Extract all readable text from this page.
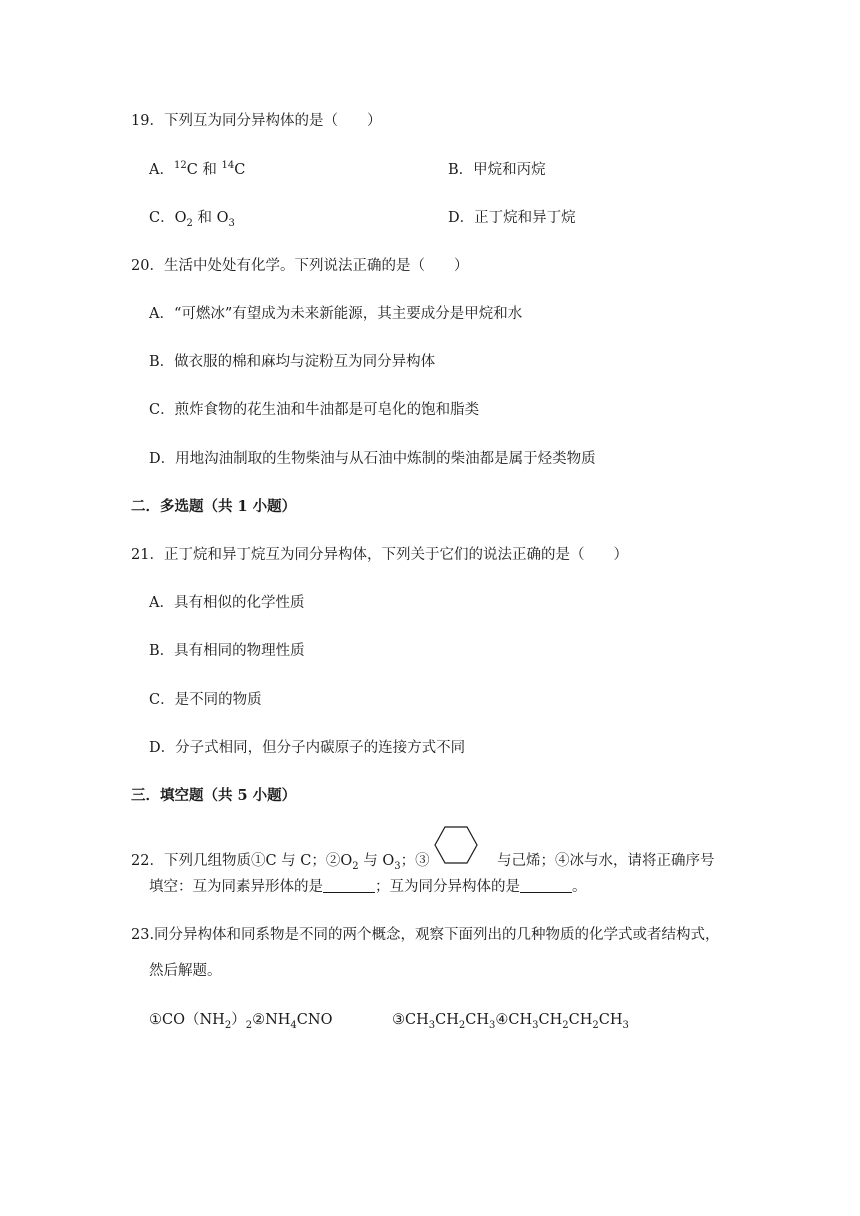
19．下列互为同分异构体的是（　　）
A．$^{12}$C 和 $^{14}$C	B．甲烷和丙烷
C．$O_2$ 和 $O_3$	D．正丁烷和异丁烷
20．生活中处处有化学。下列说法正确的是（　　）
A．“可燃冰”有望成为未来新能源，其主要成分是甲烷和水
B．做衣服的棉和麻均与淀粉互为同分异构体
C．煎炸食物的花生油和牛油都是可皂化的饱和脂类
D．用地沟油制取的生物柴油与从石油中炼制的柴油都是属于烃类物质
二．多选题（共 1 小题）
21．正丁烷和异丁烷互为同分异构体，下列关于它们的说法正确的是（　　）
A．具有相似的化学性质
B．具有相同的物理性质
C．是不同的物质
D．分子式相同，但分子内碳原子的连接方式不同
三．填空题（共 5 小题）
22．下列几组物质①C 与 C；$②O_2$ 与 $O_3$；③	与己烯；④冰与水，请将正确序号
填空：互为同素异形体的是	；互为同分异构体的是	。
23.同分异构体和同系物是不同的两个概念，观察下面列出的几种物质的化学式或者结构式，
然后解题。
$①CO(NH_2)_2②NH_4CNO$	$③CH_3CH_2CH_3④CH_3CH_2CH_2CH_3$
